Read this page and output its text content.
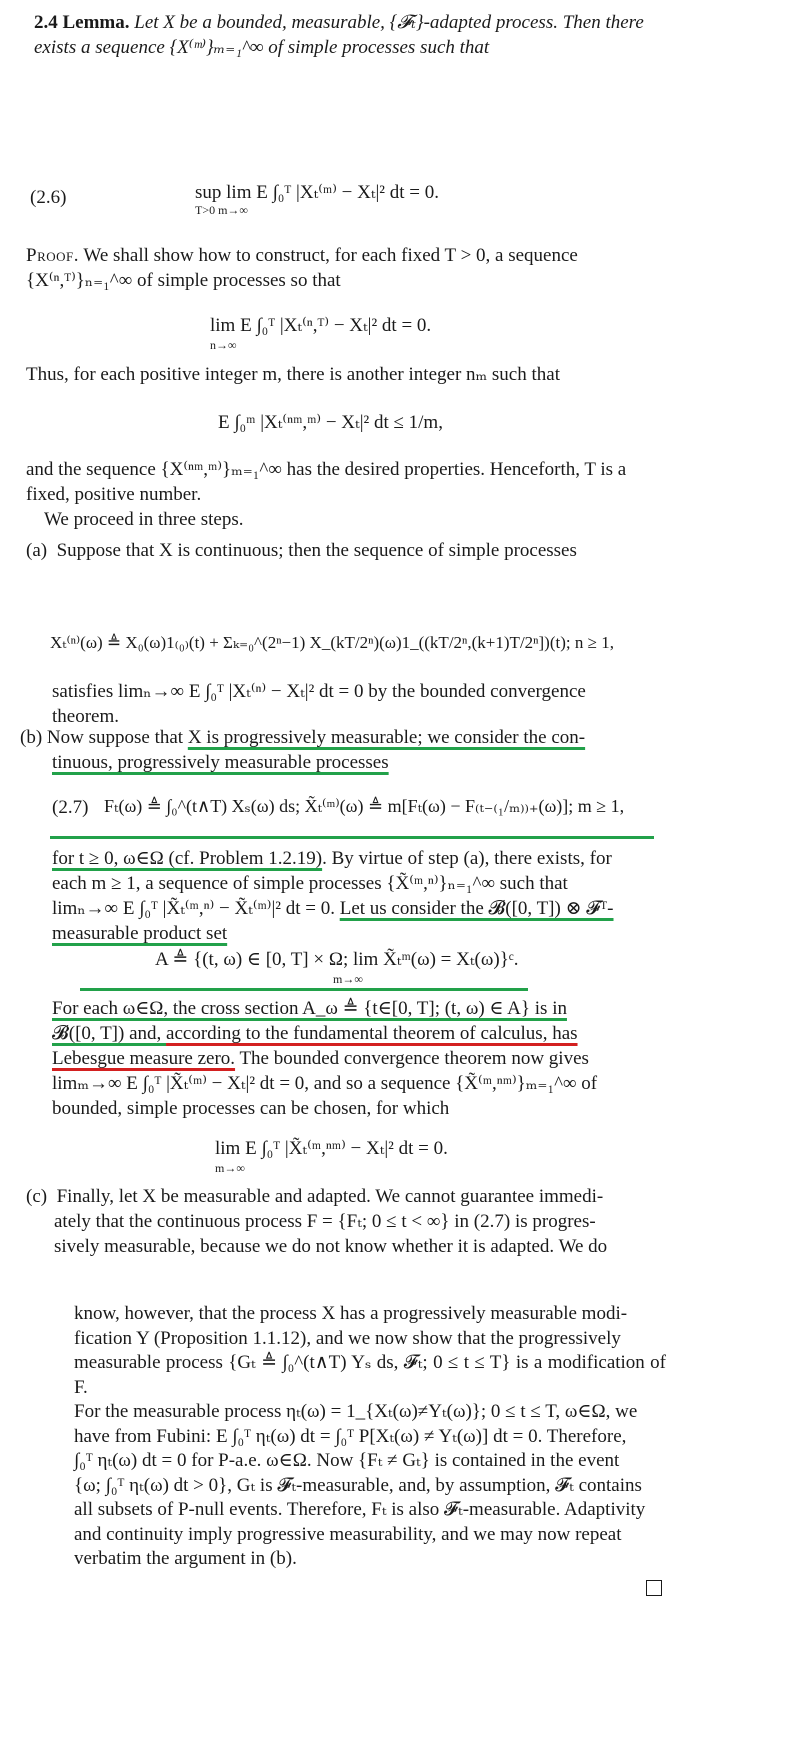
2.4 Lemma. Let X be a bounded, measurable, {𝓕ₜ}-adapted process. Then there
exists a sequence {X⁽ᵐ⁾}ₘ₌₁^∞ of simple processes such that
(2.6)	sup lim E ∫₀ᵀ |Xₜ⁽ᵐ⁾ − Xₜ|² dt = 0.
T>0 m→∞
Proof. We shall show how to construct, for each fixed T > 0, a sequence
{X⁽ⁿ,ᵀ⁾}ₙ₌₁^∞ of simple processes so that
lim E ∫₀ᵀ |Xₜ⁽ⁿ,ᵀ⁾ − Xₜ|² dt = 0.
n→∞
Thus, for each positive integer m, there is another integer nₘ such that
E ∫₀ᵐ |Xₜ⁽ⁿᵐ,ᵐ⁾ − Xₜ|² dt ≤ 1/m,
and the sequence {X⁽ⁿᵐ,ᵐ⁾}ₘ₌₁^∞ has the desired properties. Henceforth, T is a
fixed, positive number.
We proceed in three steps.
(a) Suppose that X is continuous; then the sequence of simple processes
Xₜ⁽ⁿ⁾(ω) ≜ X₀(ω)1₍₀₎(t) + Σₖ₌₀^(2ⁿ−1) X_(kT/2ⁿ)(ω)1_((kT/2ⁿ,(k+1)T/2ⁿ])(t); n ≥ 1,
satisfies limₙ→∞ E ∫₀ᵀ |Xₜ⁽ⁿ⁾ − Xₜ|² dt = 0 by the bounded convergence
theorem.
(b) Now suppose that X is progressively measurable; we consider the con-
tinuous, progressively measurable processes
(2.7) Fₜ(ω) ≜ ∫₀^(t∧T) Xₛ(ω) ds; X̃ₜ⁽ᵐ⁾(ω) ≜ m[Fₜ(ω) − F₍ₜ₋₍₁/ₘ₎₎₊(ω)]; m ≥ 1,
for t ≥ 0, ω∈Ω (cf. Problem 1.2.19). By virtue of step (a), there exists, for
each m ≥ 1, a sequence of simple processes {X̃⁽ᵐ,ⁿ⁾}ₙ₌₁^∞ such that
limₙ→∞ E ∫₀ᵀ |X̃ₜ⁽ᵐ,ⁿ⁾ − X̃ₜ⁽ᵐ⁾|² dt = 0. Let us consider the 𝓑([0, T]) ⊗ 𝓕ᵀ-
measurable product set
A ≜ {(t, ω) ∈ [0, T] × Ω; lim X̃ₜᵐ(ω) = Xₜ(ω)}ᶜ.
m→∞
For each ω∈Ω, the cross section A_ω ≜ {t∈[0, T]; (t, ω) ∈ A} is in
𝓑([0, T]) and, according to the fundamental theorem of calculus, has
Lebesgue measure zero. The bounded convergence theorem now gives
limₘ→∞ E ∫₀ᵀ |X̃ₜ⁽ᵐ⁾ − Xₜ|² dt = 0, and so a sequence {X̃⁽ᵐ,ⁿᵐ⁾}ₘ₌₁^∞ of
bounded, simple processes can be chosen, for which
lim E ∫₀ᵀ |X̃ₜ⁽ᵐ,ⁿᵐ⁾ − Xₜ|² dt = 0.
m→∞
(c) Finally, let X be measurable and adapted. We cannot guarantee immedi-
ately that the continuous process F = {Fₜ; 0 ≤ t < ∞} in (2.7) is progres-
sively measurable, because we do not know whether it is adapted. We do
know, however, that the process X has a progressively measurable modi-
fication Y (Proposition 1.1.12), and we now show that the progressively
measurable process {Gₜ ≜ ∫₀^(t∧T) Yₛ ds, 𝓕ₜ; 0 ≤ t ≤ T} is a modification of F.
For the measurable process ηₜ(ω) = 1_{Xₜ(ω)≠Yₜ(ω)}; 0 ≤ t ≤ T, ω∈Ω, we
have from Fubini: E ∫₀ᵀ ηₜ(ω) dt = ∫₀ᵀ P[Xₜ(ω) ≠ Yₜ(ω)] dt = 0. Therefore,
∫₀ᵀ ηₜ(ω) dt = 0 for P-a.e. ω∈Ω. Now {Fₜ ≠ Gₜ} is contained in the event
{ω; ∫₀ᵀ ηₜ(ω) dt > 0}, Gₜ is 𝓕ₜ-measurable, and, by assumption, 𝓕ₜ contains
all subsets of P-null events. Therefore, Fₜ is also 𝓕ₜ-measurable. Adaptivity
and continuity imply progressive measurability, and we may now repeat
verbatim the argument in (b).
